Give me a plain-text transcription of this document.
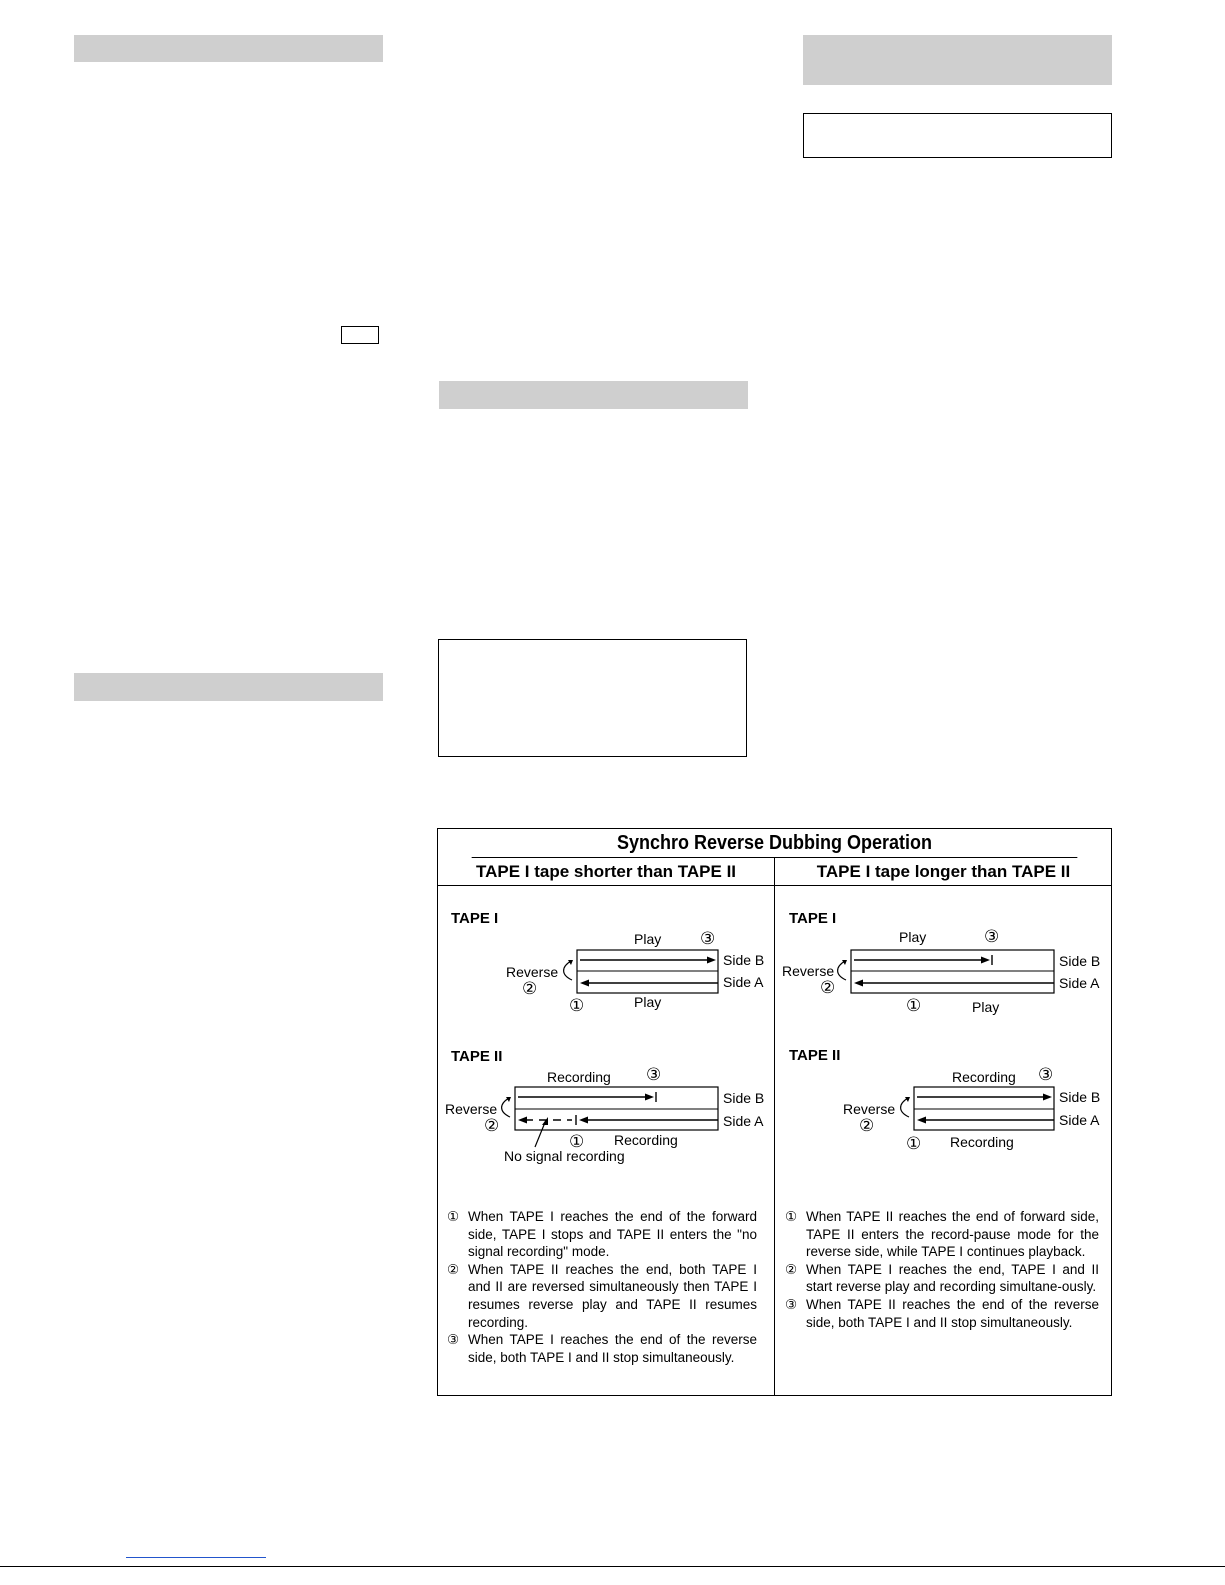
Synchro Reverse Dubbing Operation
TAPE I tape shorter than TAPE II	TAPE I tape longer than TAPE II
TAPE I
Play ③
Side B
Side A
Reverse
②
①	Play
TAPE II
Recording ③
Side B
Side A
Reverse
②
① Recording
No signal recording

① When TAPE I reaches the end of the forward side, TAPE I stops and TAPE II enters the "no signal recording" mode.

② When TAPE II reaches the end, both TAPE I and II are reversed simultaneously then TAPE I resumes reverse play and TAPE II resumes recording.

③ When TAPE I reaches the end of the reverse side, both TAPE I and II stop simultaneously.

TAPE I
Play	③
Side B
Side A
Reverse
②
①	Play
TAPE II
Recording ③
Side B
Side A
Reverse
②
① Recording

① When TAPE II reaches the end of forward side, TAPE II enters the record-pause mode for the reverse side, while TAPE I continues playback.

② When TAPE I reaches the end, TAPE I and II start reverse play and recording simultane-ously.

③ When TAPE II reaches the end of the reverse side, both TAPE I and II stop simultaneously.
